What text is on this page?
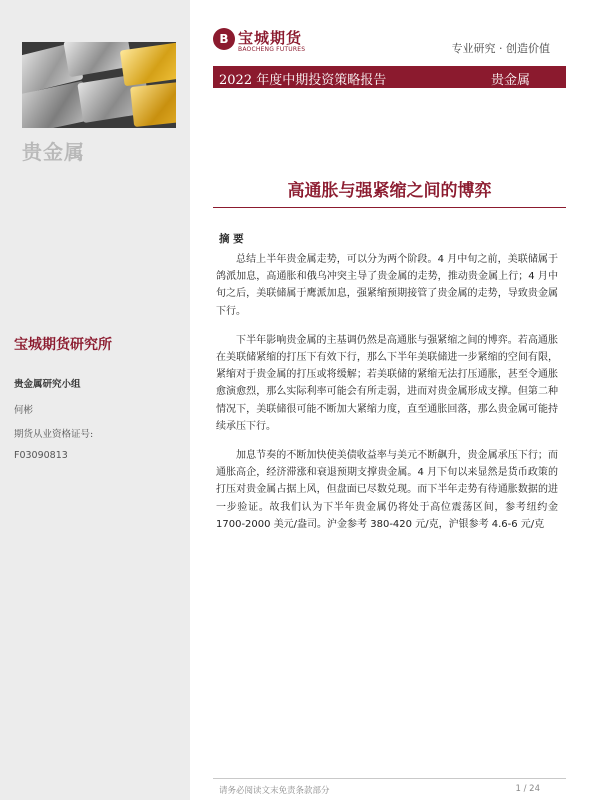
贵金属
宝城期货研究所
贵金属研究小组
何彬
期货从业资格证号:
F03090813
B 宝城期货
BAOCHENG FUTURES	专业研究 · 创造价值
2022 年度中期投资策略报告	贵金属
高通胀与强紧缩之间的博弈
摘 要

总结上半年贵金属走势，可以分为两个阶段。4 月中旬之前，美联储属于鸽派加息，高通胀和俄乌冲突主导了贵金属的走势，推动贵金属上行；4 月中旬之后，美联储属于鹰派加息，强紧缩预期接管了贵金属的走势，导致贵金属下行。

下半年影响贵金属的主基调仍然是高通胀与强紧缩之间的博弈。若高通胀在美联储紧缩的打压下有效下行，那么下半年美联储进一步紧缩的空间有限，紧缩对于贵金属的打压或将缓解；若美联储的紧缩无法打压通胀，甚至令通胀愈演愈烈，那么实际利率可能会有所走弱，进而对贵金属形成支撑。但第二种情况下，美联储很可能不断加大紧缩力度，直至通胀回落，那么贵金属可能持续承压下行。

加息节奏的不断加快使美债收益率与美元不断飙升，贵金属承压下行；而通胀高企，经济滞涨和衰退预期支撑贵金属。4 月下旬以来显然是货币政策的打压对贵金属占据上风，但盘面已尽数兑现。而下半年走势有待通胀数据的进一步验证。故我们认为下半年贵金属仍将处于高位震荡区间，参考纽约金 1700-2000 美元/盎司。沪金参考 380-420 元/克，沪银参考 4.6-6 元/克

请务必阅读文末免责条款部分	1 / 24
